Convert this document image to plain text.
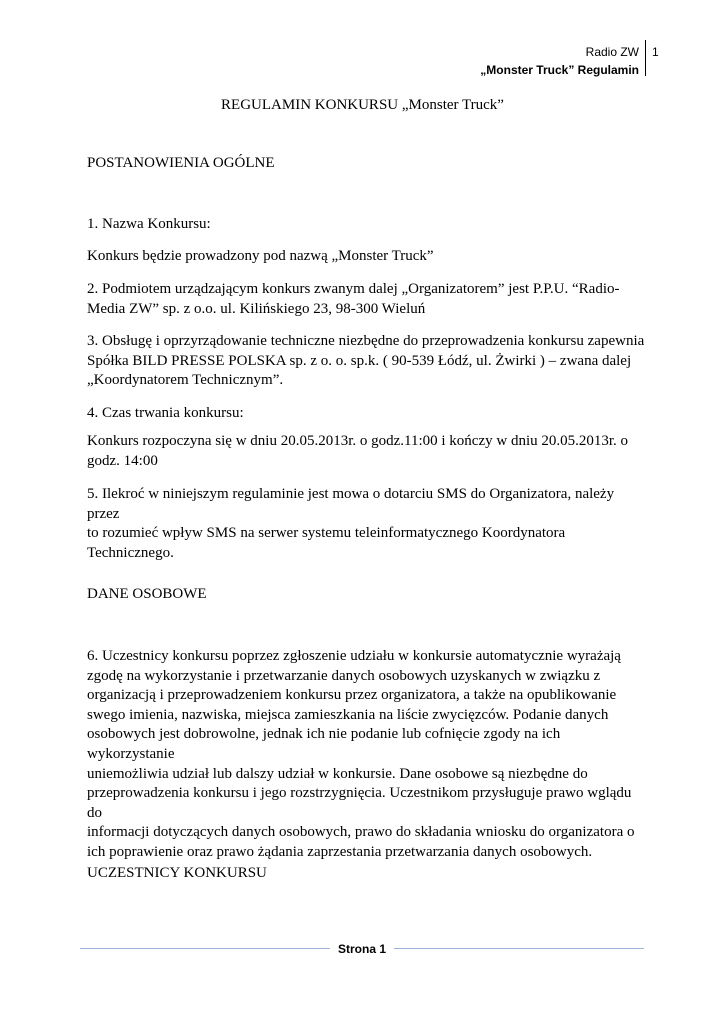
Radio ZW
„Monster Truck” Regulamin
1
REGULAMIN KONKURSU „Monster Truck”
POSTANOWIENIA OGÓLNE
1. Nazwa Konkursu:
Konkurs będzie prowadzony pod nazwą „Monster Truck”
2. Podmiotem urządzającym konkurs zwanym dalej „Organizatorem” jest P.P.U. “Radio-
Media ZW” sp. z o.o. ul. Kilińskiego 23, 98-300 Wieluń
3. Obsługę i oprzyrządowanie techniczne niezbędne do przeprowadzenia konkursu zapewnia
Spółka BILD PRESSE POLSKA sp. z o. o. sp.k. ( 90-539 Łódź, ul. Żwirki ) – zwana dalej
„Koordynatorem Technicznym”.
4. Czas trwania konkursu:
Konkurs rozpoczyna się w dniu 20.05.2013r. o godz.11:00 i kończy w dniu 20.05.2013r. o
godz. 14:00
5. Ilekroć w niniejszym regulaminie jest mowa o dotarciu SMS do Organizatora, należy przez
to rozumieć wpływ SMS na serwer systemu teleinformatycznego Koordynatora
Technicznego.
DANE OSOBOWE
6. Uczestnicy konkursu poprzez zgłoszenie udziału w konkursie automatycznie wyrażają
zgodę na wykorzystanie i przetwarzanie danych osobowych uzyskanych w związku z
organizacją i przeprowadzeniem konkursu przez organizatora, a także na opublikowanie
swego imienia, nazwiska, miejsca zamieszkania na liście zwycięzców. Podanie danych
osobowych jest dobrowolne, jednak ich nie podanie lub cofnięcie zgody na ich wykorzystanie
uniemożliwia udział lub dalszy udział w konkursie. Dane osobowe są niezbędne do
przeprowadzenia konkursu i jego rozstrzygnięcia. Uczestnikom przysługuje prawo wglądu do
informacji dotyczących danych osobowych, prawo do składania wniosku do organizatora o
ich poprawienie oraz prawo żądania zaprzestania przetwarzania danych osobowych.
UCZESTNICY KONKURSU
Strona 1
